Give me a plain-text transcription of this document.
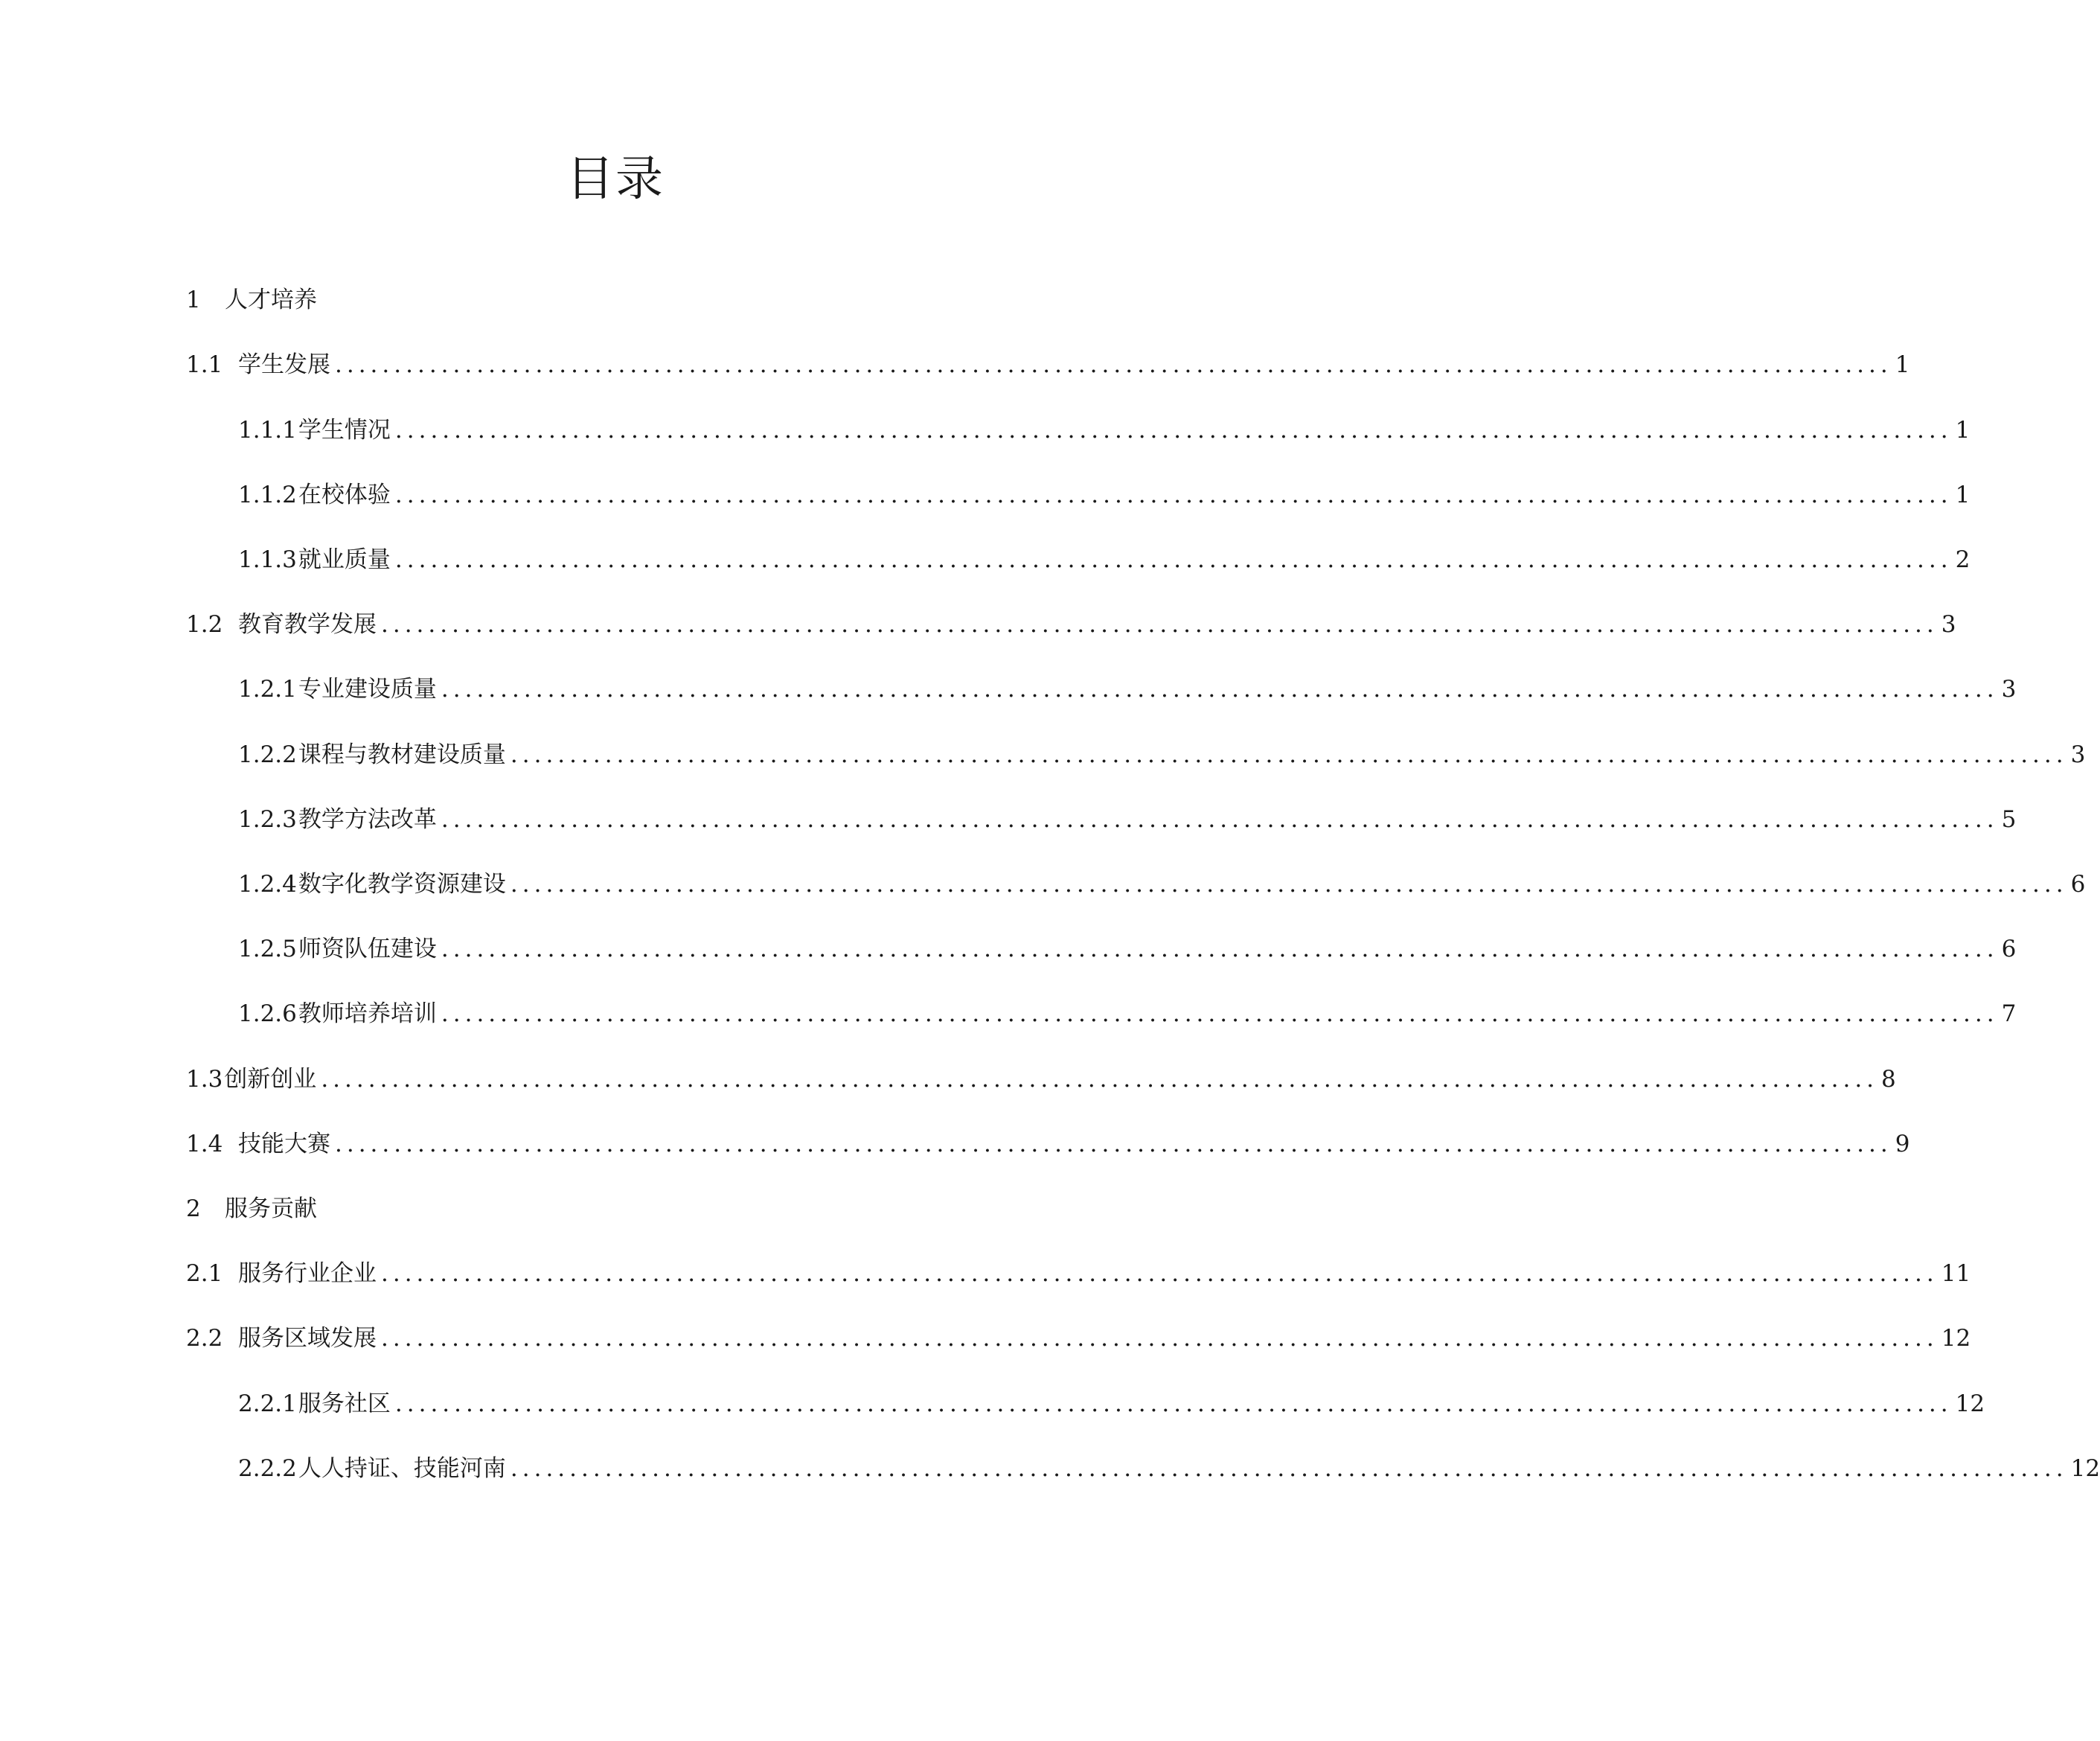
目录
1	人才培养
1.1 学生发展 .................................................................................................................................... 1
1.1.1 学生情况 .................................................................................................................................... 1
1.1.2 在校体验 .................................................................................................................................... 1
1.1.3 就业质量 .................................................................................................................................... 2
1.2 教育教学发展 .................................................................................................................................... 3
1.2.1 专业建设质量 .................................................................................................................................... 3
1.2.2 课程与教材建设质量 .................................................................................................................................... 3
1.2.3 教学方法改革 .................................................................................................................................... 5
1.2.4 数字化教学资源建设 .................................................................................................................................... 6
1.2.5 师资队伍建设 .................................................................................................................................... 6
1.2.6 教师培养培训 .................................................................................................................................... 7
1.3 创新创业 .................................................................................................................................... 8
1.4 技能大赛 .................................................................................................................................... 9
2	服务贡献
2.1 服务行业企业 .................................................................................................................................... 11
2.2 服务区域发展 .................................................................................................................................... 12
2.2.1 服务社区 .................................................................................................................................... 12
2.2.2 人人持证、技能河南 .................................................................................................................................... 12
